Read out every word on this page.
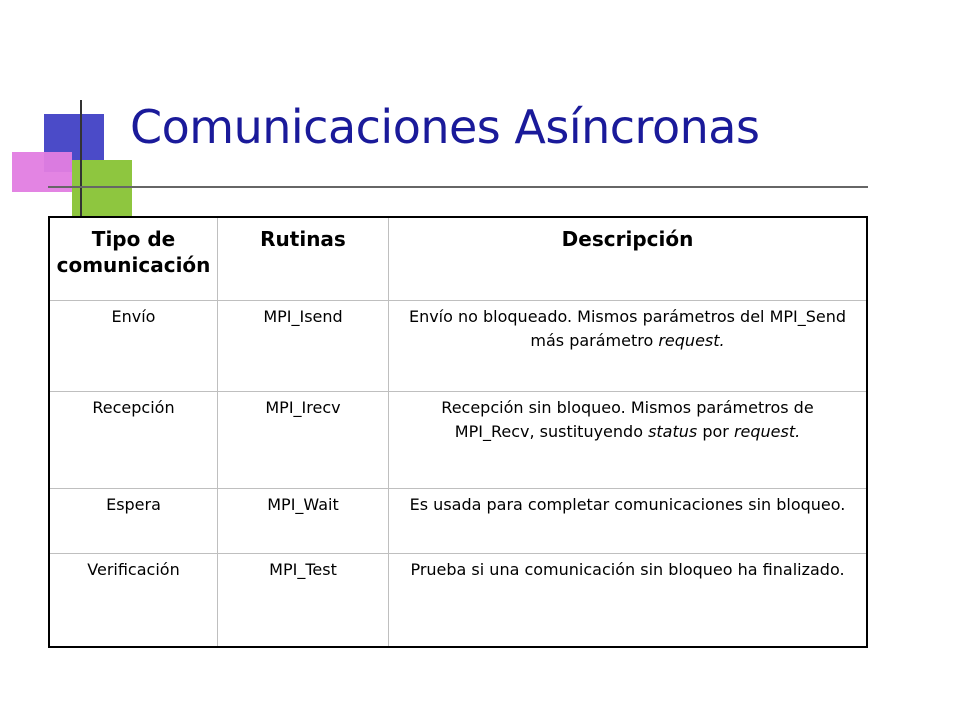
Comunicaciones Asíncronas
Tipo de comunicación	Rutinas	Descripción
Envío	MPI_Isend	Envío no bloqueado. Mismos parámetros del MPI_Send más parámetro request.
Recepción	MPI_Irecv	Recepción sin bloqueo. Mismos parámetros de MPI_Recv, sustituyendo status por request.
Espera	MPI_Wait	Es usada para completar comunicaciones sin bloqueo.
Verificación	MPI_Test	Prueba si una comunicación sin bloqueo ha finalizado.
